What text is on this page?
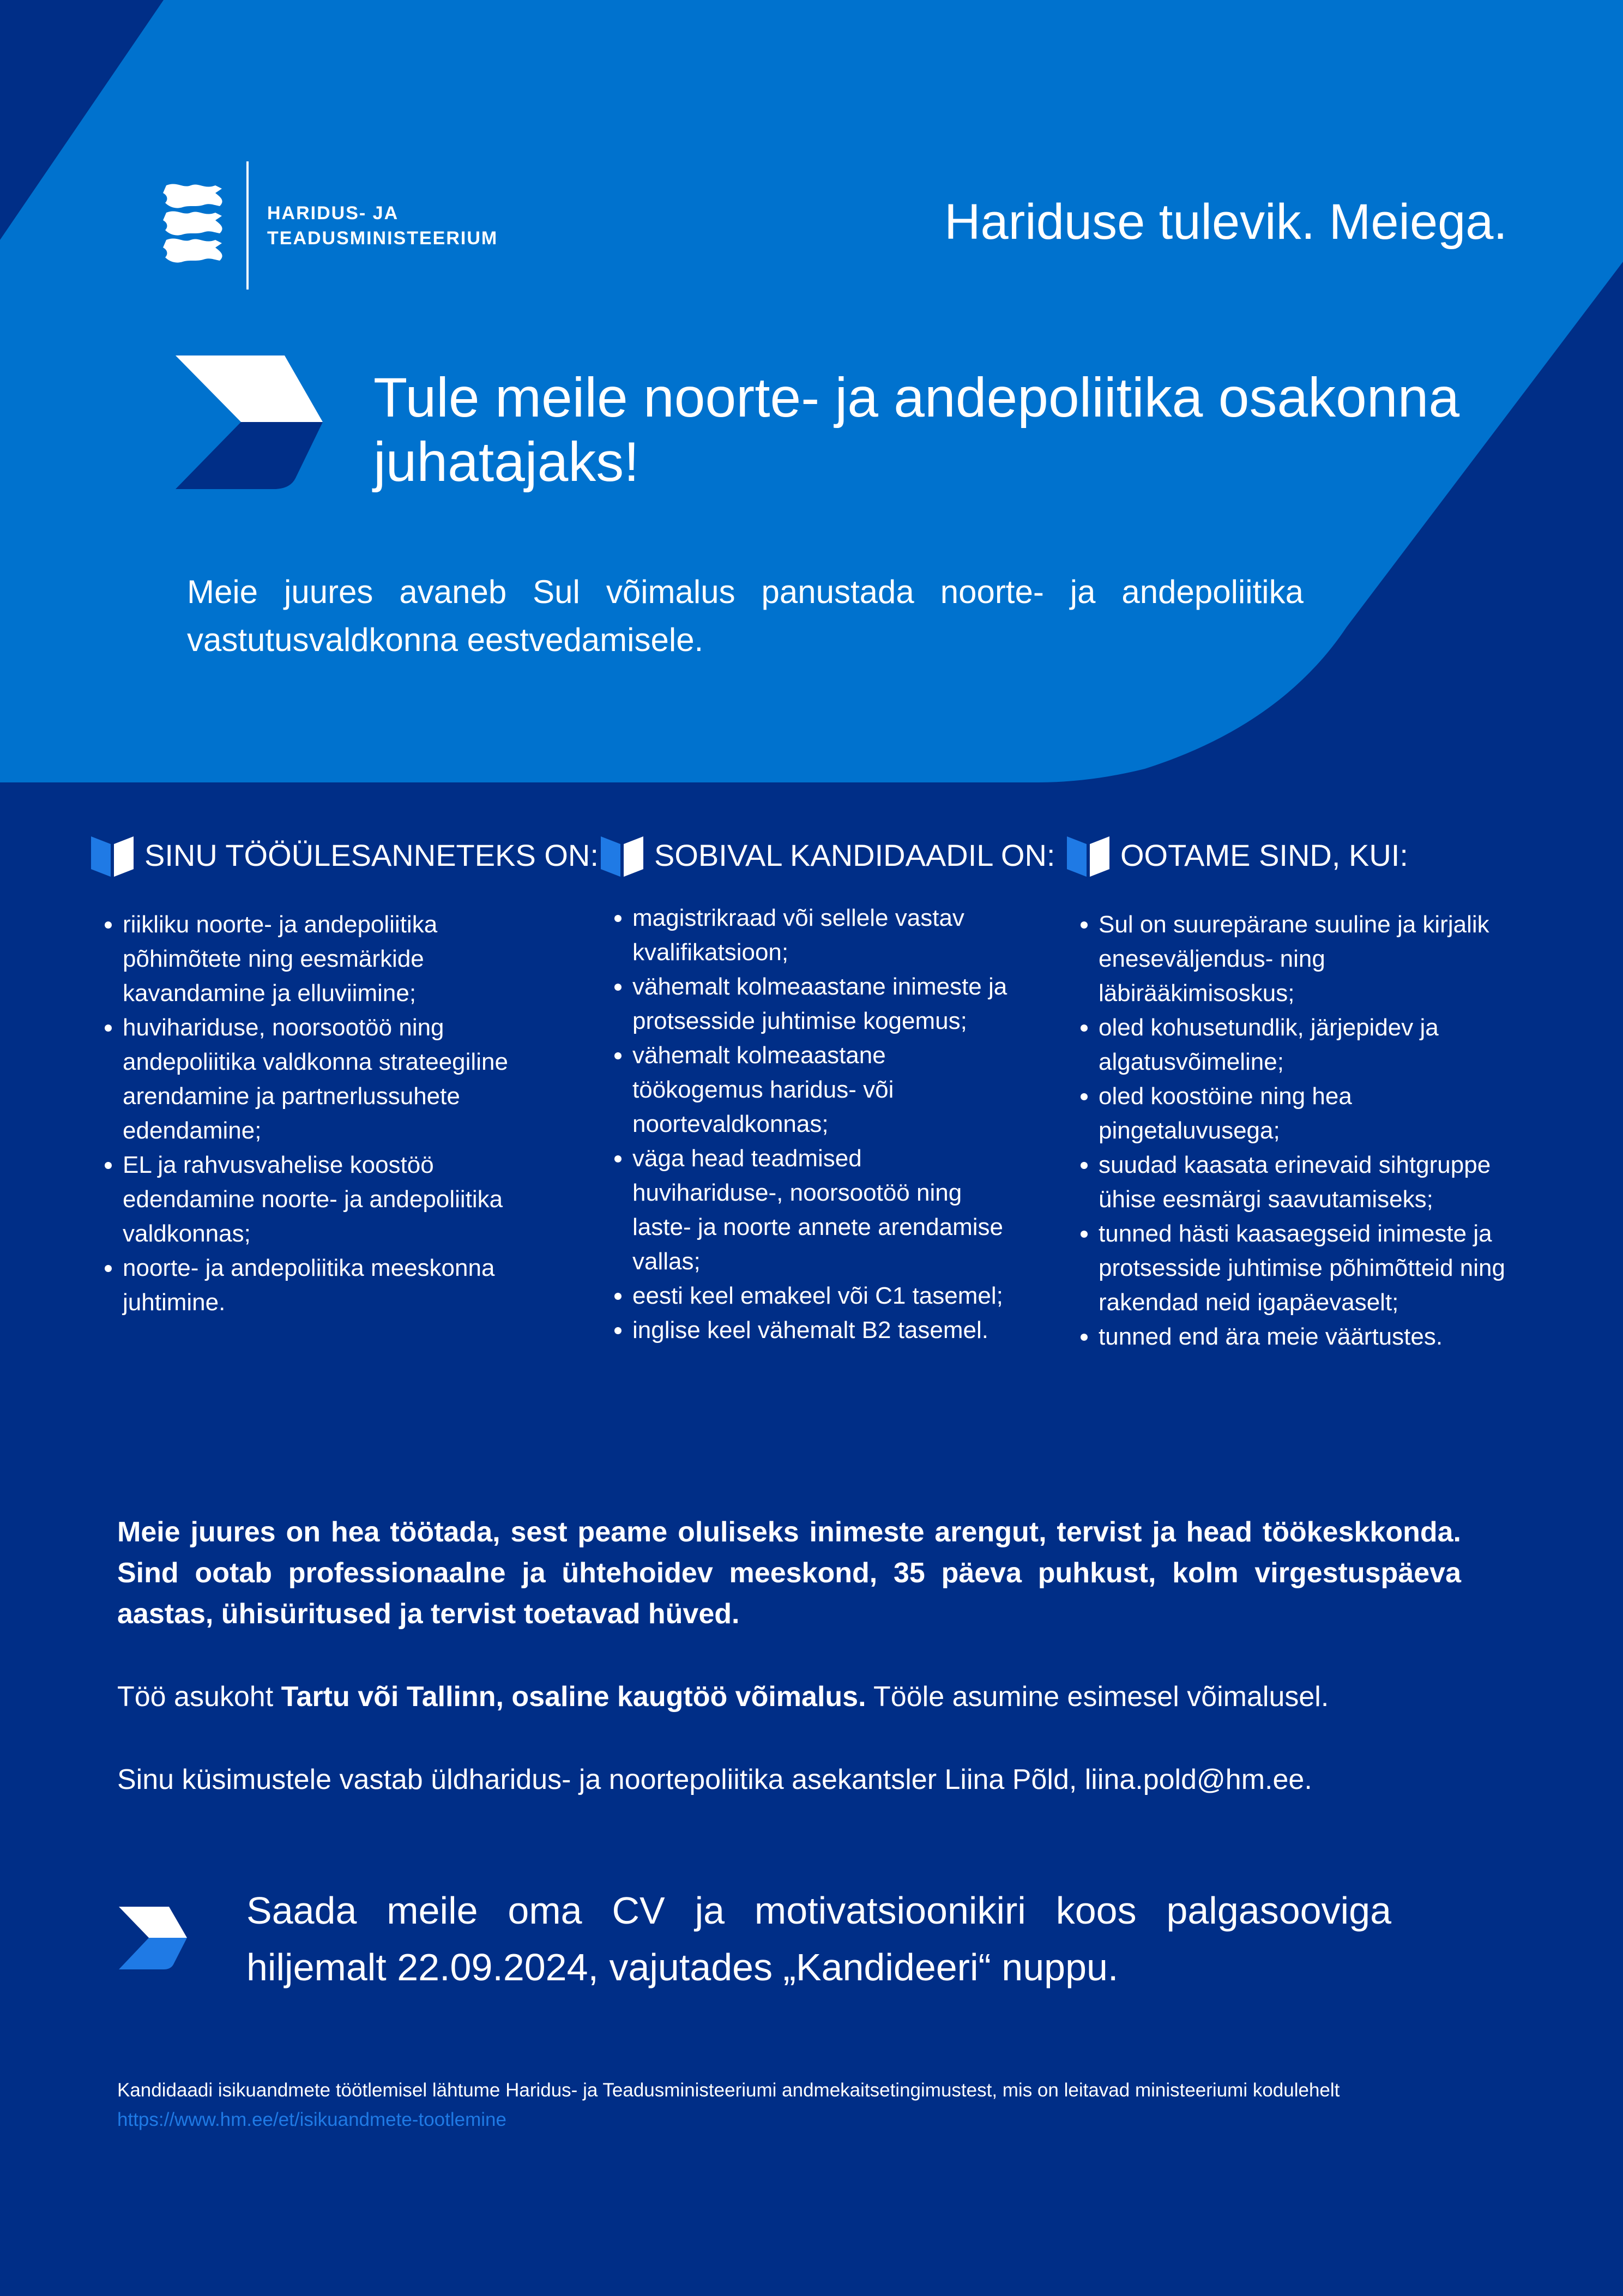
HARIDUS- JA
TEADUSMINISTEERIUM	Hariduse tulevik. Meiega.
Tule meile noorte- ja andepoliitika osakonna juhatajaks!
Meie juures avaneb Sul võimalus panustada noorte- ja andepoliitika vastutusvaldkonna eestvedamisele.
SINU TÖÖÜLESANNETEKS ON:
• riikliku noorte- ja andepoliitika põhimõtete ning eesmärkide kavandamine ja elluviimine;
• huvihariduse, noorsootöö ning andepoliitika valdkonna strateegiline arendamine ja partnerlussuhete edendamine;
• EL ja rahvusvahelise koostöö edendamine noorte- ja andepoliitika valdkonnas;
• noorte- ja andepoliitika meeskonna juhtimine.
SOBIVAL KANDIDAADIL ON:
• magistrikraad või sellele vastav kvalifikatsioon;
• vähemalt kolmeaastane inimeste ja protsesside juhtimise kogemus;
• vähemalt kolmeaastane töökogemus haridus- või noortevaldkonnas;
• väga head teadmised huvihariduse-, noorsootöö ning laste- ja noorte annete arendamise vallas;
• eesti keel emakeel või C1 tasemel;
• inglise keel vähemalt B2 tasemel.
OOTAME SIND, KUI:
• Sul on suurepärane suuline ja kirjalik eneseväljendus- ning läbirääkimisoskus;
• oled kohusetundlik, järjepidev ja algatusvõimeline;
• oled koostöine ning hea pingetaluvusega;
• suudad kaasata erinevaid sihtgruppe ühise eesmärgi saavutamiseks;
• tunned hästi kaasaegseid inimeste ja protsesside juhtimise põhimõtteid ning rakendad neid igapäevaselt;
• tunned end ära meie väärtustes.
Meie juures on hea töötada, sest peame oluliseks inimeste arengut, tervist ja head töökeskkonda. Sind ootab professionaalne ja ühtehoidev meeskond, 35 päeva puhkust, kolm virgestuspäeva aastas, ühisüritused ja tervist toetavad hüved.
Töö asukoht Tartu või Tallinn, osaline kaugtöö võimalus. Tööle asumine esimesel võimalusel.
Sinu küsimustele vastab üldharidus- ja noortepoliitika asekantsler Liina Põld, liina.pold@hm.ee.
Saada meile oma CV ja motivatsioonikiri koos palgasooviga hiljemalt 22.09.2024, vajutades „Kandideeri“ nuppu.
Kandidaadi isikuandmete töötlemisel lähtume Haridus- ja Teadusministeeriumi andmekaitsetingimustest, mis on leitavad ministeeriumi kodulehelt
https://www.hm.ee/et/isikuandmete-tootlemine
